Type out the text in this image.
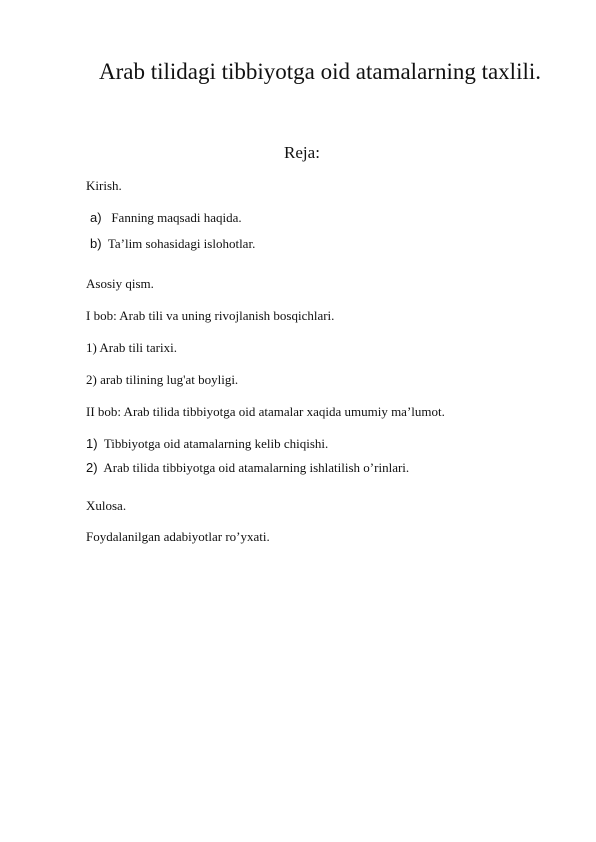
Arab tilidagi tibbiyotga oid atamalarning taxlili.
Reja:
Kirish.
a) Fanning maqsadi haqida.
b) Ta’lim sohasidagi islohotlar.
Asosiy qism.
I bob: Arab tili va uning rivojlanish bosqichlari.
1) Arab tili tarixi.
2) arab tilining lug'at boyligi.
II bob: Arab tilida tibbiyotga oid atamalar xaqida umumiy ma’lumot.
1) Tibbiyotga oid atamalarning kelib chiqishi.
2) Arab tilida tibbiyotga oid atamalarning ishlatilish o’rinlari.
Xulosa.
Foydalanilgan adabiyotlar ro’yxati.
